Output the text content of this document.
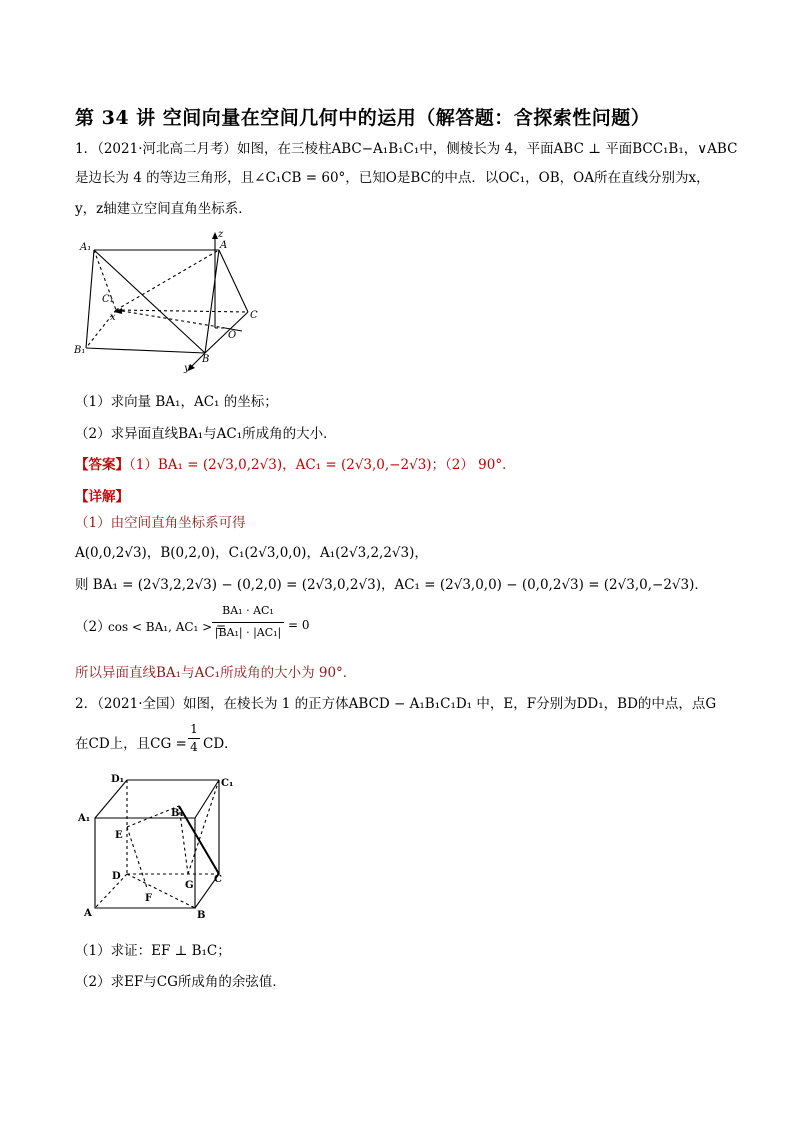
第 34 讲 空间向量在空间几何中的运用（解答题：含探索性问题）
1．（2021·河北高二月考）如图，在三棱柱ABC−A₁B₁C₁中，侧棱长为 4，平面ABC ⊥ 平面BCC₁B₁，∨ABC
是边长为 4 的等边三角形，且∠C₁CB = 60°，已知O是BC的中点．以OC₁，OB，OA所在直线分别为x，
y，z轴建立空间直角坐标系．
A₁	A
z
C₁
x	C
O
B₁
B
y
（1）求向量 BA₁，AC₁ 的坐标；
（2）求异面直线BA₁与AC₁所成角的大小．
【答案】（1）BA₁ = (2√3,0,2√3)，AC₁ = (2√3,0,−2√3)；（2） 90°．
【详解】
（1）由空间直角坐标系可得
A(0,0,2√3)，B(0,2,0)，C₁(2√3,0,0)，A₁(2√3,2,2√3)，
则 BA₁ = (2√3,2,2√3) − (0,2,0) = (2√3,0,2√3)，AC₁ = (2√3,0,0) − (0,0,2√3) = (2√3,0,−2√3)．
（2）
cos < BA₁, AC₁ > =
BA₁ · AC₁
|BA₁| · |AC₁|
= 0
所以异面直线BA₁与AC₁所成角的大小为 90°．
2．（2021·全国）如图，在棱长为 1 的正方体ABCD − A₁B₁C₁D₁ 中，E，F分别为DD₁，BD的中点，点G
在CD上，且CG =
1
4 CD．
D₁	C₁
A₁	B₁
E
D
G
C
F
A	B
（1）求证：EF ⊥ B₁C；
（2）求EF与CG所成角的余弦值．
